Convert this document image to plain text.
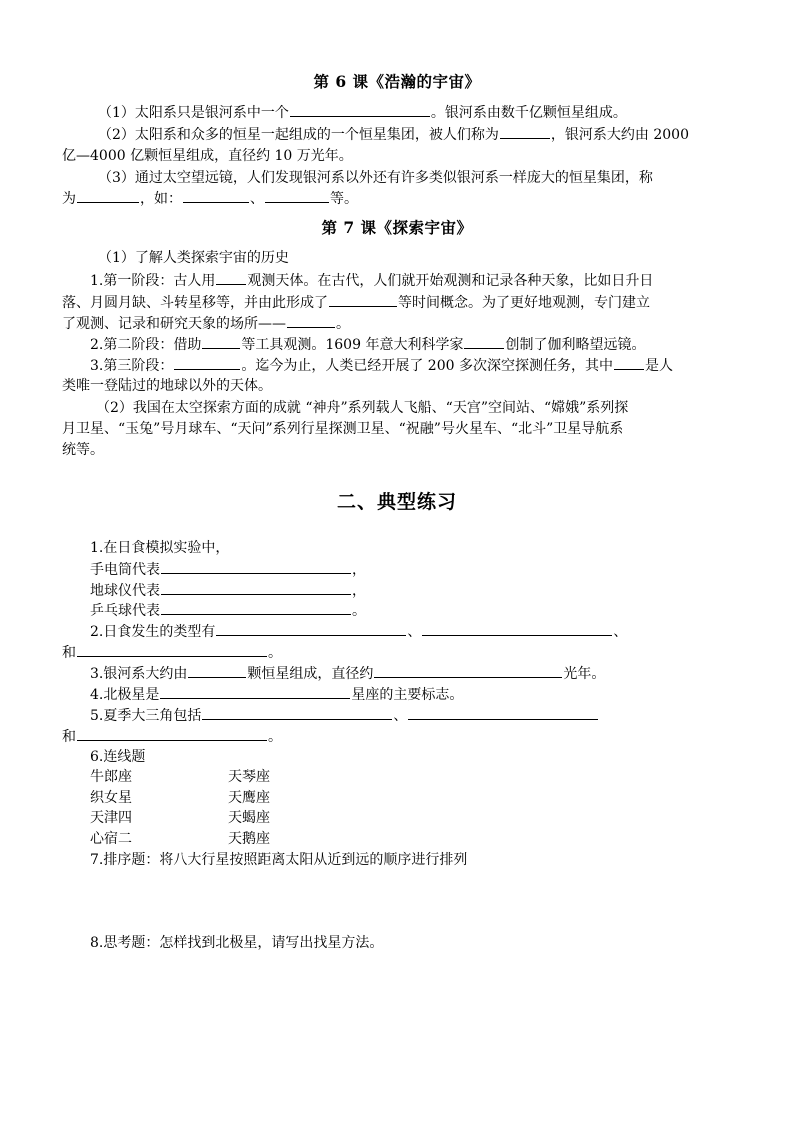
第 6 课《浩瀚的宇宙》
（1）太阳系只是银河系中一个	。银河系由数千亿颗恒星组成。
（2）太阳系和众多的恒星一起组成的一个恒星集团，被人们称为	，银河系大约由 2000
亿—4000 亿颗恒星组成，直径约 10 万光年。
（3）通过太空望远镜，人们发现银河系以外还有许多类似银河系一样庞大的恒星集团，称
为	，如：	、	等。
第 7 课《探索宇宙》
（1）了解人类探索宇宙的历史
1.第一阶段：古人用 观测天体。在古代，人们就开始观测和记录各种天象，比如日升日
落、月圆月缺、斗转星移等，并由此形成了	等时间概念。为了更好地观测，专门建立
了观测、记录和研究天象的场所——	。
2.第二阶段：借助	等工具观测。1609 年意大利科学家	创制了伽利略望远镜。
3.第三阶段：	。迄今为止，人类已经开展了 200 多次深空探测任务，其中 是人
类唯一登陆过的地球以外的天体。
（2）我国在太空探索方面的成就 “神舟”系列载人飞船、“天宫”空间站、“嫦娥”系列探
月卫星、“玉兔”号月球车、“天问”系列行星探测卫星、“祝融”号火星车、“北斗”卫星导航系
统等。
二、典型练习
1.在日食模拟实验中，
手电筒代表	，
地球仪代表	，
乒乓球代表	。
2.日食发生的类型有	、	、
和	。
3.银河系大约由	颗恒星组成，直径约	光年。
4.北极星是	星座的主要标志。
5.夏季大三角包括	、
和	。
6.连线题
牛郎座	天琴座
织女星	天鹰座
天津四	天蝎座
心宿二	天鹅座
7.排序题：将八大行星按照距离太阳从近到远的顺序进行排列
8.思考题：怎样找到北极星，请写出找星方法。
